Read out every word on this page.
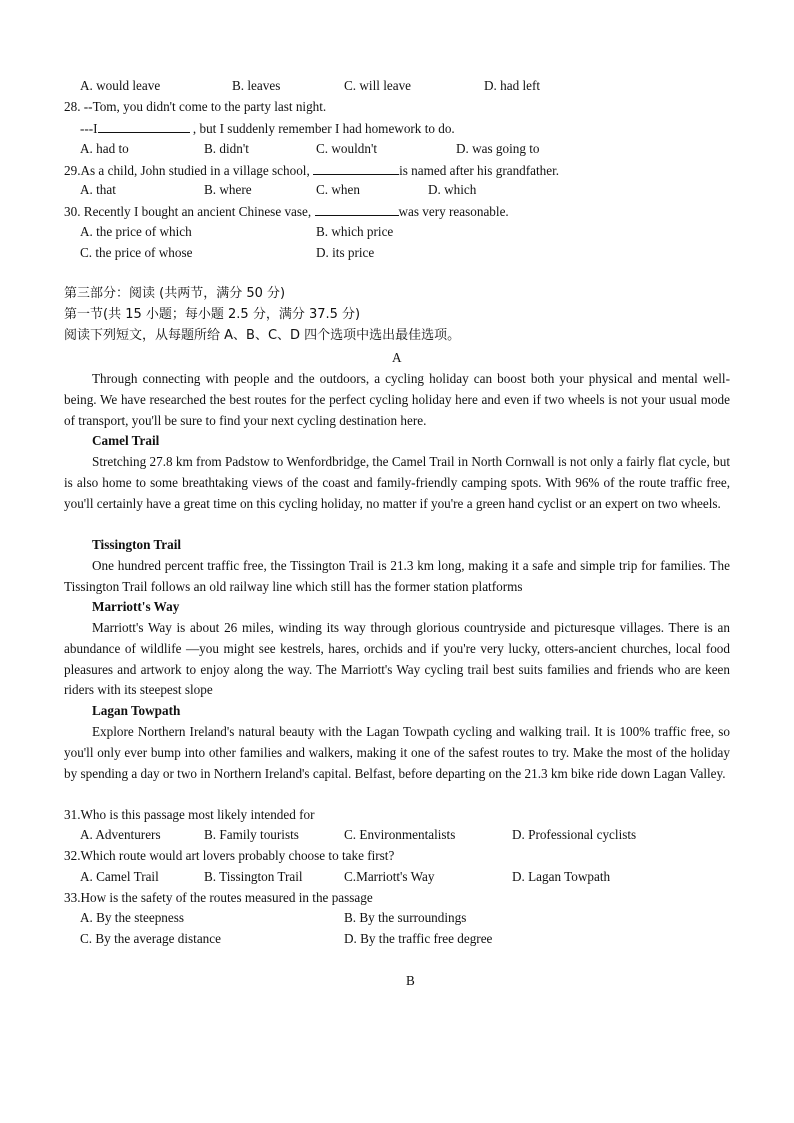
A. would leave	B. leaves	C. will leave	D. had left
28. --Tom, you didn't come to the party last night.
---I	, but I suddenly remember I had homework to do.
A. had to	B. didn't	C. wouldn't	D. was going to
29.As a child, John studied in a village school,	is named after his grandfather.
A. that	B. where	C. when	D. which
30. Recently I bought an ancient Chinese vase,	was very reasonable.
A. the price of which	B. which price
C. the price of whose	D. its price
第三部分：阅读 (共两节，满分 50 分)
第一节(共 15 小题；每小题 2.5 分，满分 37.5 分)
阅读下列短文，从每题所给 A、B、C、D 四个选项中选出最佳选项。
A
Through connecting with people and the outdoors, a cycling holiday can boost both your physical and mental well-being. We have researched the best routes for the perfect cycling holiday here and even if two wheels is not your usual mode of transport, you'll be sure to find your next cycling destination here.
Camel Trail
Stretching 27.8 km from Padstow to Wenfordbridge, the Camel Trail in North Cornwall is not only a fairly flat cycle, but is also home to some breathtaking views of the coast and family-friendly camping spots. With 96% of the route traffic free, you'll certainly have a great time on this cycling holiday, no matter if you're a green hand cyclist or an expert on two wheels.
Tissington Trail
One hundred percent traffic free, the Tissington Trail is 21.3 km long, making it a safe and simple trip for families. The Tissington Trail follows an old railway line which still has the former station platforms
Marriott's Way
Marriott's Way is about 26 miles, winding its way through glorious countryside and picturesque villages. There is an abundance of wildlife —you might see kestrels, hares, orchids and if you're very lucky, otters-ancient churches, local food pleasures and artwork to enjoy along the way. The Marriott's Way cycling trail best suits families and friends who are keen riders with its steepest slope
Lagan Towpath
Explore Northern Ireland's natural beauty with the Lagan Towpath cycling and walking trail. It is 100% traffic free, so you'll only ever bump into other families and walkers, making it one of the safest routes to try. Make the most of the holiday by spending a day or two in Northern Ireland's capital. Belfast, before departing on the 21.3 km bike ride down Lagan Valley.
31.Who is this passage most likely intended for
A. Adventurers	B. Family tourists	C. Environmentalists	D. Professional cyclists
32.Which route would art lovers probably choose to take first?
A. Camel Trail	B. Tissington Trail	C.Marriott's Way	D. Lagan Towpath
33.How is the safety of the routes measured in the passage
A. By the steepness	B. By the surroundings
C. By the average distance	D. By the traffic free degree
B
